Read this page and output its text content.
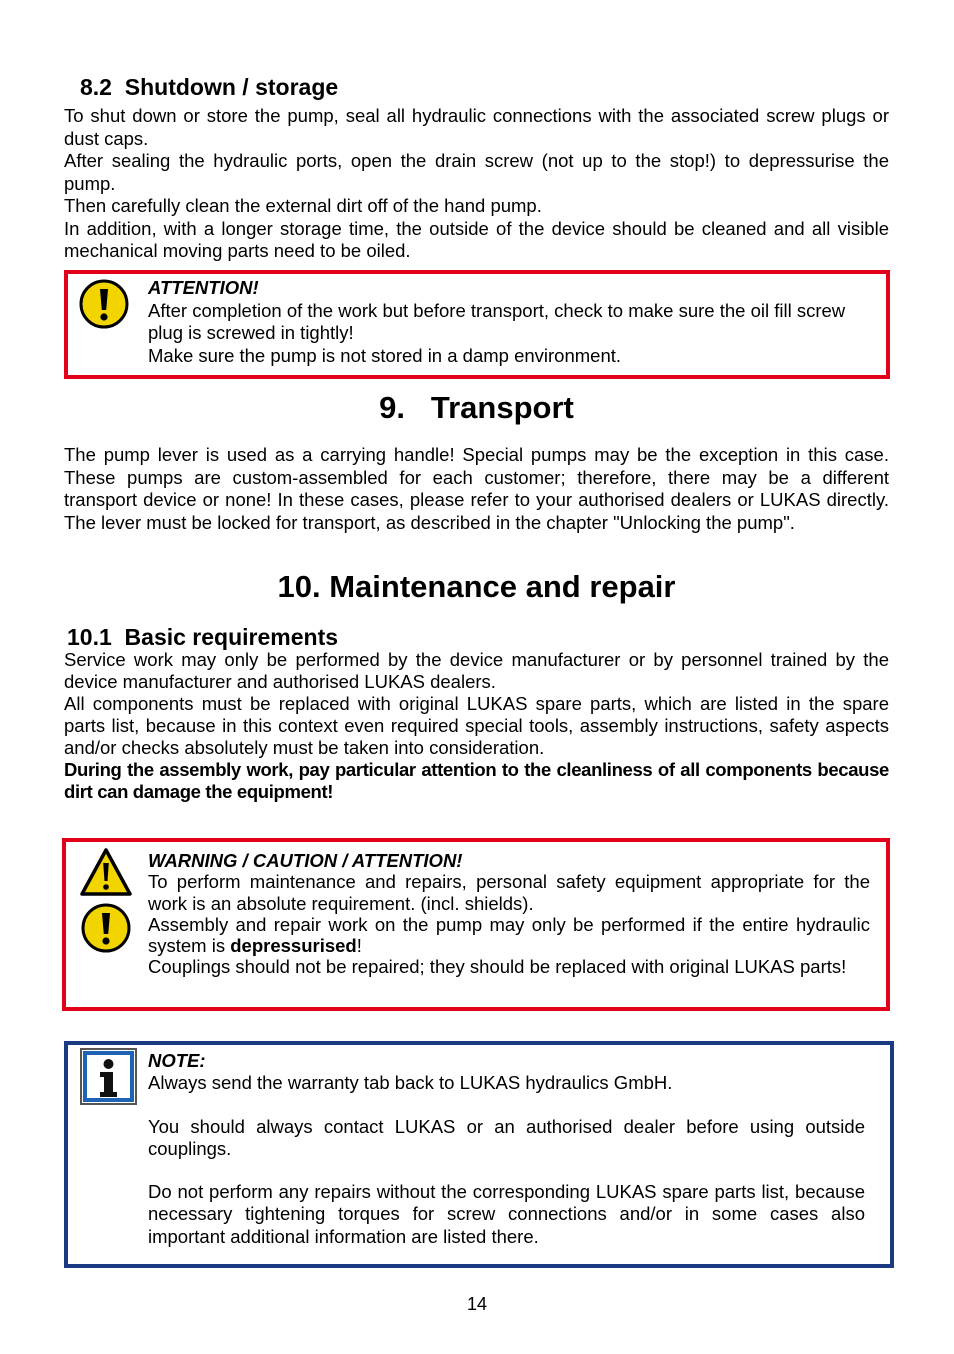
8.2 Shutdown / storage

To shut down or store the pump, seal all hydraulic connections with the associated screw plugs or dust caps.

After sealing the hydraulic ports, open the drain screw (not up to the stop!) to depressurise the pump.

Then carefully clean the external dirt off of the hand pump.

In addition, with a longer storage time, the outside of the device should be cleaned and all visible mechanical moving parts need to be oiled.

ATTENTION!

After completion of the work but before transport, check to make sure the oil fill screw plug is screwed in tightly!

Make sure the pump is not stored in a damp environment.

9. Transport

The pump lever is used as a carrying handle! Special pumps may be the exception in this case. These pumps are custom-assembled for each customer; therefore, there may be a different transport device or none! In these cases, please refer to your authorised dealers or LUKAS directly. The lever must be locked for transport, as described in the chapter "Unlocking the pump".

10. Maintenance and repair
10.1 Basic requirements

Service work may only be performed by the device manufacturer or by personnel trained by the device manufacturer and authorised LUKAS dealers.

All components must be replaced with original LUKAS spare parts, which are listed in the spare parts list, because in this context even required special tools, assembly instructions, safety aspects and/or checks absolutely must be taken into consideration.

During the assembly work, pay particular attention to the cleanliness of all components because dirt can damage the equipment!

WARNING / CAUTION / ATTENTION!

To perform maintenance and repairs, personal safety equipment appropriate for the work is an absolute requirement. (incl. shields).

Assembly and repair work on the pump may only be performed if the entire hydraulic system is depressurised!

Couplings should not be repaired; they should be replaced with original LUKAS parts!

NOTE:

Always send the warranty tab back to LUKAS hydraulics GmbH.

You should always contact LUKAS or an authorised dealer before using outside couplings.

Do not perform any repairs without the corresponding LUKAS spare parts list, because necessary tightening torques for screw connections and/or in some cases also important additional information are listed there.

14
